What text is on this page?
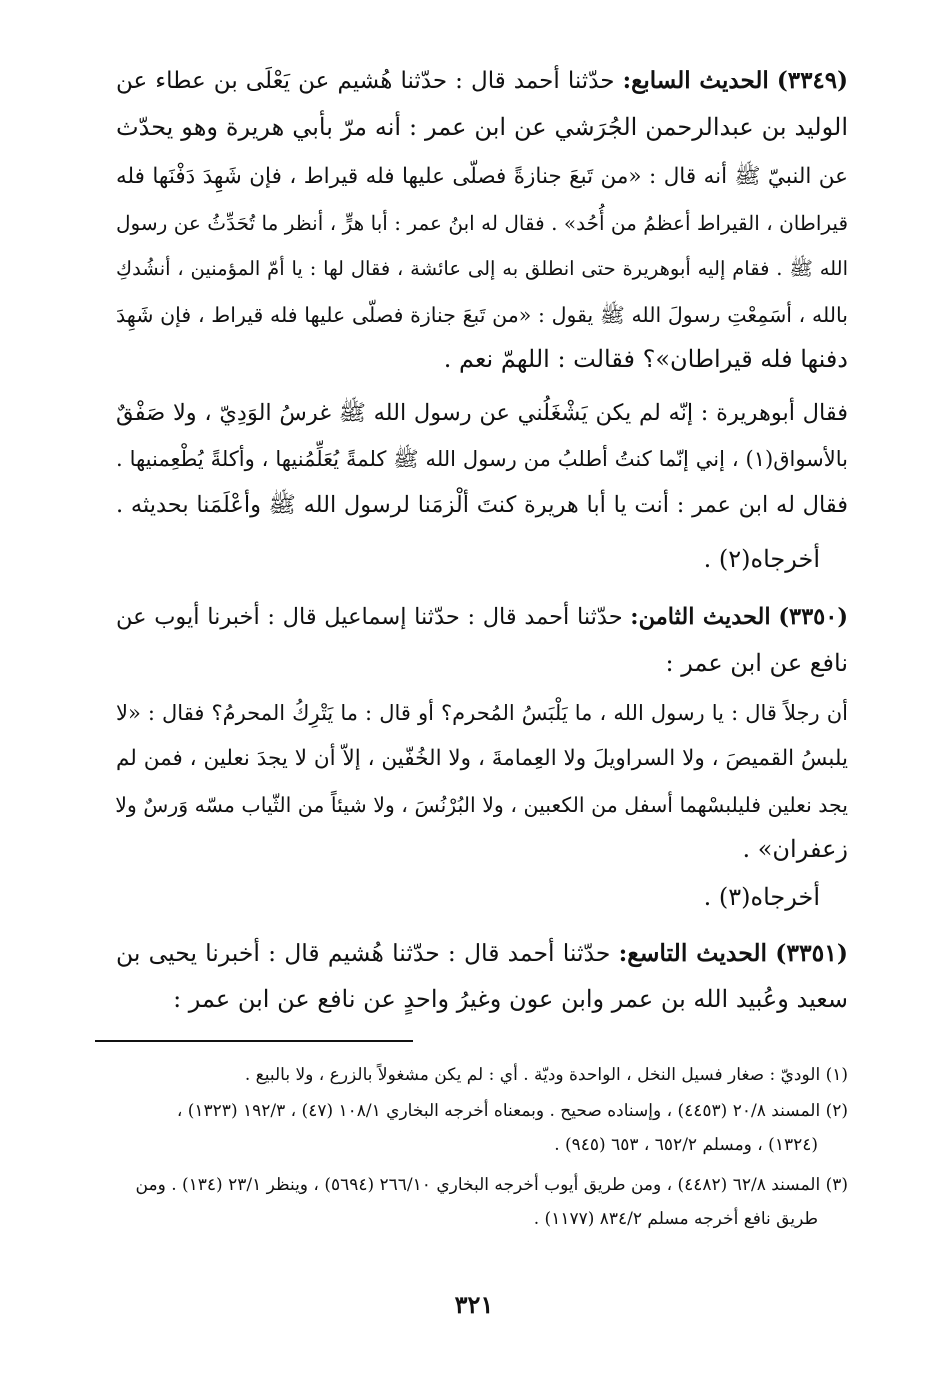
(٣٣٤٩) الحديث السابع: حدّثنا أحمد قال : حدّثنا هُشيم عن يَعْلَى بن عطاء عن
الوليد بن عبدالرحمن الجُرَشي عن ابن عمر : أنه مرّ بأبي هريرة وهو يحدّث
عن النبيّ ﷺ أنه قال : «من تَبعَ جنازةً فصلّى عليها فله قيراط ، فإن شَهِدَ دَفْنَها فله
قيراطان ، القيراط أعظمُ من أُحُد» . فقال له ابنُ عمر : أبا هرٍّ ، أنظر ما تُحَدِّثُ عن رسول
الله ﷺ . فقام إليه أبوهريرة حتى انطلق به إلى عائشة ، فقال لها : يا أمّ المؤمنين ، أنشُدكِ
بالله ، أسَمِعْتِ رسولَ الله ﷺ يقول : «من تَبعَ جنازة فصلّى عليها فله قيراط ، فإن شَهِدَ
دفنها فله قيراطان»؟ فقالت : اللهمّ نعم .
فقال أبوهريرة : إنّه لم يكن يَشْغَلُني عن رسول الله ﷺ غرسُ الوَدِيّ ، ولا صَفْقٌ
بالأسواق(١) ، إني إنّما كنتُ أطلبُ من رسول الله ﷺ كلمةً يُعَلِّمُنيها ، وأكلةً يُطْعِمنيها .
فقال له ابن عمر : أنت يا أبا هريرة كنتَ ألْزمَنا لرسول الله ﷺ وأعْلَمَنا بحديثه .
أخرجاه(٢) .
(٣٣٥٠) الحديث الثامن: حدّثنا أحمد قال : حدّثنا إسماعيل قال : أخبرنا أيوب عن
نافع عن ابن عمر :
أن رجلاً قال : يا رسول الله ، ما يَلْبَسُ المُحرم؟ أو قال : ما يَتْرِكُ المحرمُ؟ فقال : «لا
يلبسُ القميصَ ، ولا السراويلَ ولا العِمامةَ ، ولا الخُفّين ، إلاّ أن لا يجدَ نعلين ، فمن لم
يجد نعلين فليلبسْهما أسفل من الكعبين ، ولا البُرْنُسَ ، ولا شيئاً من الثّياب مسّه وَرسٌ ولا
زعفران» .
أخرجاه(٣) .
(٣٣٥١) الحديث التاسع: حدّثنا أحمد قال : حدّثنا هُشيم قال : أخبرنا يحيى بن
سعيد وعُبيد الله بن عمر وابن عون وغيرُ واحدٍ عن نافع عن ابن عمر :
(١) الوديّ : صغار فسيل النخل ، الواحدة وديّة . أي : لم يكن مشغولاً بالزرع ، ولا بالبيع .
(٢) المسند ٢٠/٨ (٤٤٥٣) ، وإسناده صحيح . وبمعناه أخرجه البخاري ١٠٨/١ (٤٧) ، ١٩٢/٣ (١٣٢٣) ،
(١٣٢٤) ، ومسلم ٦٥٢/٢ ، ٦٥٣ (٩٤٥) .
(٣) المسند ٦٢/٨ (٤٤٨٢) ، ومن طريق أيوب أخرجه البخاري ٢٦٦/١٠ (٥٦٩٤) ، وينظر ٢٣/١ (١٣٤) . ومن
طريق نافع أخرجه مسلم ٨٣٤/٢ (١١٧٧) .
٣٢١
